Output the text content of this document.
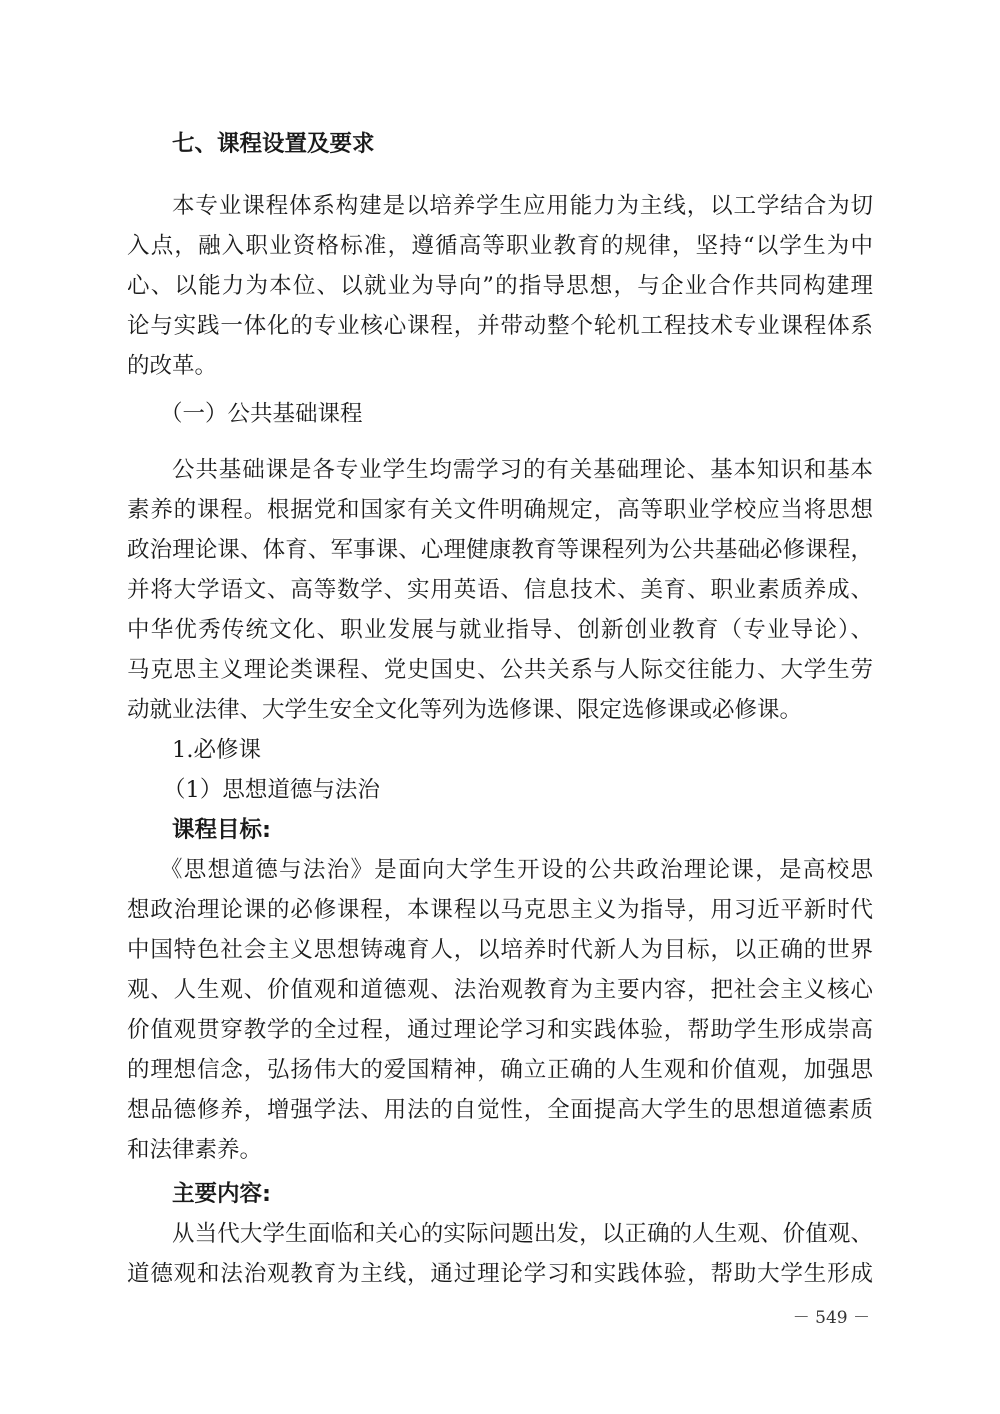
七、课程设置及要求
本专业课程体系构建是以培养学生应用能力为主线，以工学结合为切
入点，融入职业资格标准，遵循高等职业教育的规律，坚持“以学生为中
心、以能力为本位、以就业为导向”的指导思想，与企业合作共同构建理
论与实践一体化的专业核心课程，并带动整个轮机工程技术专业课程体系
的改革。
（一）公共基础课程
公共基础课是各专业学生均需学习的有关基础理论、基本知识和基本
素养的课程。根据党和国家有关文件明确规定，高等职业学校应当将思想
政治理论课、体育、军事课、心理健康教育等课程列为公共基础必修课程，
并将大学语文、高等数学、实用英语、信息技术、美育、职业素质养成、
中华优秀传统文化、职业发展与就业指导、创新创业教育（专业导论）、
马克思主义理论类课程、党史国史、公共关系与人际交往能力、大学生劳
动就业法律、大学生安全文化等列为选修课、限定选修课或必修课。
1.必修课
（1）思想道德与法治
课程目标:
《思想道德与法治》是面向大学生开设的公共政治理论课，是高校思
想政治理论课的必修课程，本课程以马克思主义为指导，用习近平新时代
中国特色社会主义思想铸魂育人，以培养时代新人为目标，以正确的世界
观、人生观、价值观和道德观、法治观教育为主要内容，把社会主义核心
价值观贯穿教学的全过程，通过理论学习和实践体验，帮助学生形成崇高
的理想信念，弘扬伟大的爱国精神，确立正确的人生观和价值观，加强思
想品德修养，增强学法、用法的自觉性，全面提高大学生的思想道德素质
和法律素养。
主要内容:
从当代大学生面临和关心的实际问题出发，以正确的人生观、价值观、
道德观和法治观教育为主线，通过理论学习和实践体验，帮助大学生形成
－ 549 －
